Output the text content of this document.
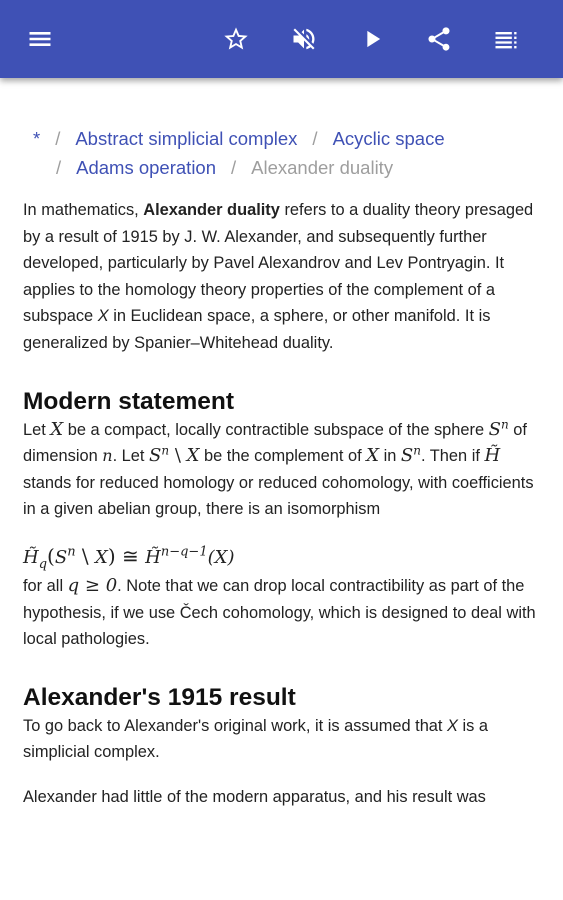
* / Abstract simplicial complex / Acyclic space
/ Adams operation / Alexander duality

In mathematics, Alexander duality refers to a duality theory presaged by a result of 1915 by J. W. Alexander, and subsequently further developed, particularly by Pavel Alexandrov and Lev Pontryagin. It applies to the homology theory properties of the complement of a subspace X in Euclidean space, a sphere, or other manifold. It is generalized by Spanier–Whitehead duality.

Modern statement

Let X be a compact, locally contractible subspace of the sphere $S^n$ of dimension n. Let $S^n$ \ X be the complement of X in $S^n$. Then if H̃ stands for reduced homology or reduced cohomology, with coefficients in a given abelian group, there is an isomorphism

$H̃_q(S^n$ \ X) ≅ H̃$^{n-q-1}$(X)

for all q ≥ 0. Note that we can drop local contractibility as part of the hypothesis, if we use Čech cohomology, which is designed to deal with local pathologies.

Alexander's 1915 result

To go back to Alexander's original work, it is assumed that X is a simplicial complex.

Alexander had little of the modern apparatus, and his result was
